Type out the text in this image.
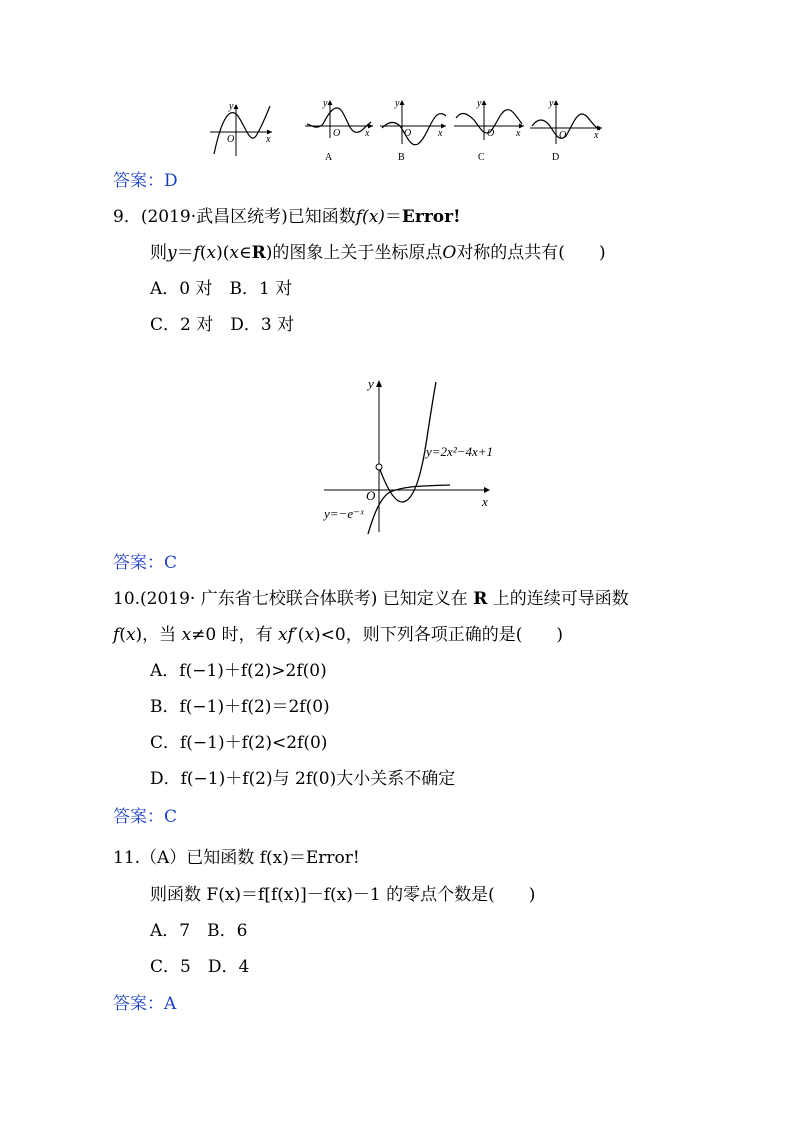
y
O	x
y
O x
A
y
O	x
B
y
O x
C
y
O	x
D
答案：D
9．(2019·武昌区统考)已知函数f(x)＝Error!
则y＝f(x)(x∈R)的图象上关于坐标原点O对称的点共有(　　)
A．0 对　B．1 对
C．2 对　D．3 对
y
x
O
y=2x²−4x+1
y=−e⁻ˣ
答案：C
10.(2019· 广东省七校联合体联考) 已知定义在 R 上的连续可导函数
f(x)，当 x≠0 时，有 xf′(x)<0，则下列各项正确的是(　　)
A．f(−1)＋f(2)>2f(0)
B．f(−1)＋f(2)＝2f(0)
C．f(−1)＋f(2)<2f(0)
D．f(−1)＋f(2)与 2f(0)大小关系不确定
答案：C
11.（A）已知函数 f(x)＝Error!
则函数 F(x)＝f[f(x)]－f(x)－1 的零点个数是(　　)
A．7　B．6
C．5　D．4
答案：A
